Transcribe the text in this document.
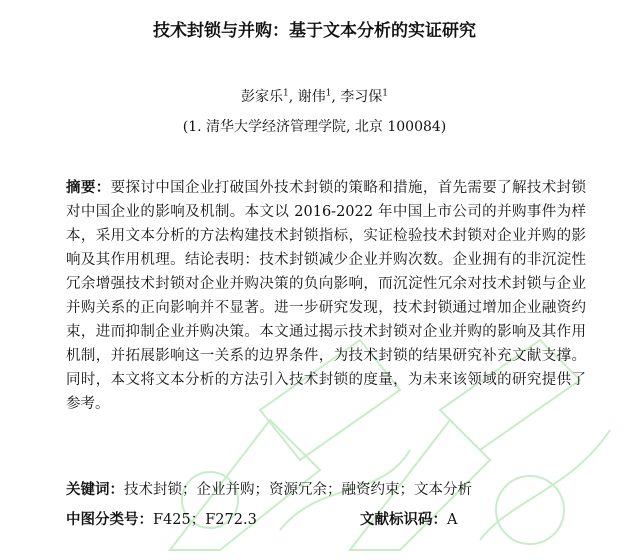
技术封锁与并购：基于文本分析的实证研究
彭家乐$^1$, 谢伟$^1$, 李习保$^1$
(1. 清华大学经济管理学院, 北京 100084)

摘要：要探讨中国企业打破国外技术封锁的策略和措施，首先需要了解技术封锁对中国企业的影响及机制。本文以 2016-2022 年中国上市公司的并购事件为样本，采用文本分析的方法构建技术封锁指标，实证检验技术封锁对企业并购的影响及其作用机理。结论表明：技术封锁减少企业并购次数。企业拥有的非沉淀性冗余增强技术封锁对企业并购决策的负向影响，而沉淀性冗余对技术封锁与企业并购关系的正向影响并不显著。进一步研究发现，技术封锁通过增加企业融资约束，进而抑制企业并购决策。本文通过揭示技术封锁对企业并购的影响及其作用机制，并拓展影响这一关系的边界条件，为技术封锁的结果研究补充文献支撑。同时，本文将文本分析的方法引入技术封锁的度量，为未来该领域的研究提供了参考。

关键词：技术封锁；企业并购；资源冗余；融资约束；文本分析
中图分类号：F425；F272.3	文献标识码：A
